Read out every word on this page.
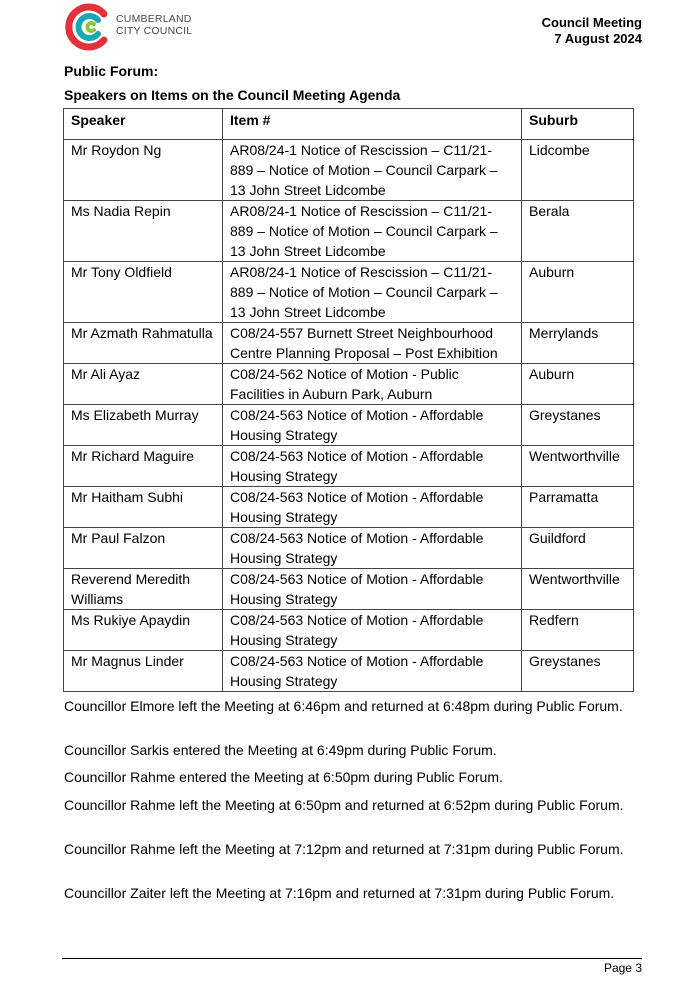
CUMBERLAND
CITY COUNCIL
Council Meeting
7 August 2024
Public Forum:
Speakers on Items on the Council Meeting Agenda
Speaker	Item #	Suburb
Mr Roydon Ng	AR08/24-1 Notice of Rescission – C11/21-889 – Notice of Motion – Council Carpark – 13 John Street Lidcombe	Lidcombe
Ms Nadia Repin	AR08/24-1 Notice of Rescission – C11/21-889 – Notice of Motion – Council Carpark – 13 John Street Lidcombe	Berala
Mr Tony Oldfield	AR08/24-1 Notice of Rescission – C11/21-889 – Notice of Motion – Council Carpark – 13 John Street Lidcombe	Auburn
Mr Azmath Rahmatulla	C08/24-557 Burnett Street Neighbourhood Centre Planning Proposal – Post Exhibition	Merrylands
Mr Ali Ayaz	C08/24-562 Notice of Motion - Public Facilities in Auburn Park, Auburn	Auburn
Ms Elizabeth Murray	C08/24-563 Notice of Motion - Affordable Housing Strategy	Greystanes
Mr Richard Maguire	C08/24-563 Notice of Motion - Affordable Housing Strategy	Wentworthville
Mr Haitham Subhi	C08/24-563 Notice of Motion - Affordable Housing Strategy	Parramatta
Mr Paul Falzon	C08/24-563 Notice of Motion - Affordable Housing Strategy	Guildford
Reverend Meredith Williams	C08/24-563 Notice of Motion - Affordable Housing Strategy	Wentworthville
Ms Rukiye Apaydin	C08/24-563 Notice of Motion - Affordable Housing Strategy	Redfern
Mr Magnus Linder	C08/24-563 Notice of Motion - Affordable Housing Strategy	Greystanes
Councillor Elmore left the Meeting at 6:46pm and returned at 6:48pm during Public Forum.
Councillor Sarkis entered the Meeting at 6:49pm during Public Forum.
Councillor Rahme entered the Meeting at 6:50pm during Public Forum.
Councillor Rahme left the Meeting at 6:50pm and returned at 6:52pm during Public Forum.
Councillor Rahme left the Meeting at 7:12pm and returned at 7:31pm during Public Forum.
Councillor Zaiter left the Meeting at 7:16pm and returned at 7:31pm during Public Forum.
Page 3
